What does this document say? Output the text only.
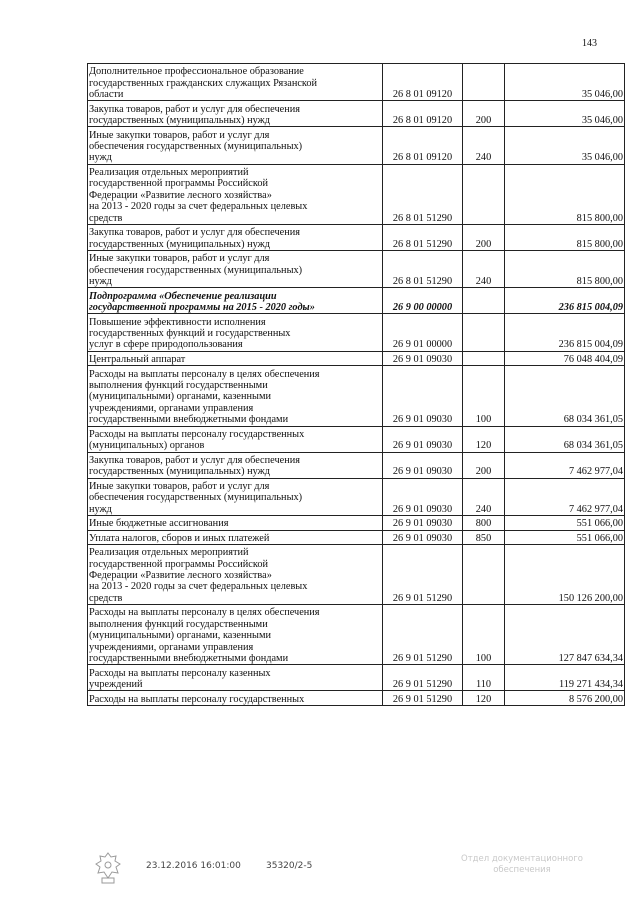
143
Дополнительное профессиональное образование
государственных гражданских служащих Рязанской
области	26 8 01 09120		35 046,00
Закупка товаров, работ и услуг для обеспечения
государственных (муниципальных) нужд	26 8 01 09120	200	35 046,00
Иные закупки товаров, работ и услуг для
обеспечения государственных (муниципальных)
нужд	26 8 01 09120	240	35 046,00
Реализация отдельных мероприятий
государственной программы Российской
Федерации «Развитие лесного хозяйства»
на 2013 - 2020 годы за счет федеральных целевых
средств	26 8 01 51290		815 800,00
Закупка товаров, работ и услуг для обеспечения
государственных (муниципальных) нужд	26 8 01 51290	200	815 800,00
Иные закупки товаров, работ и услуг для
обеспечения государственных (муниципальных)
нужд	26 8 01 51290	240	815 800,00
Подпрограмма «Обеспечение реализации
государственной программы на 2015 - 2020 годы»	26 9 00 00000		236 815 004,09
Повышение эффективности исполнения
государственных функций и государственных
услуг в сфере природопользования	26 9 01 00000		236 815 004,09
Центральный аппарат	26 9 01 09030		76 048 404,09
Расходы на выплаты персоналу в целях обеспечения
выполнения функций государственными
(муниципальными) органами, казенными
учреждениями, органами управления
государственными внебюджетными фондами	26 9 01 09030	100	68 034 361,05
Расходы на выплаты персоналу государственных
(муниципальных) органов	26 9 01 09030	120	68 034 361,05
Закупка товаров, работ и услуг для обеспечения
государственных (муниципальных) нужд	26 9 01 09030	200	7 462 977,04
Иные закупки товаров, работ и услуг для
обеспечения государственных (муниципальных)
нужд	26 9 01 09030	240	7 462 977,04
Иные бюджетные ассигнования	26 9 01 09030	800	551 066,00
Уплата налогов, сборов и иных платежей	26 9 01 09030	850	551 066,00
Реализация отдельных мероприятий
государственной программы Российской
Федерации «Развитие лесного хозяйства»
на 2013 - 2020 годы за счет федеральных целевых
средств	26 9 01 51290		150 126 200,00
Расходы на выплаты персоналу в целях обеспечения
выполнения функций государственными
(муниципальными) органами, казенными
учреждениями, органами управления
государственными внебюджетными фондами	26 9 01 51290	100	127 847 634,34
Расходы на выплаты персоналу казенных
учреждений	26 9 01 51290	110	119 271 434,34
Расходы на выплаты персоналу государственных	26 9 01 51290	120	8 576 200,00
23.12.2016 16:01:00	35320/2-5
Отдел документационного
обеспечения
